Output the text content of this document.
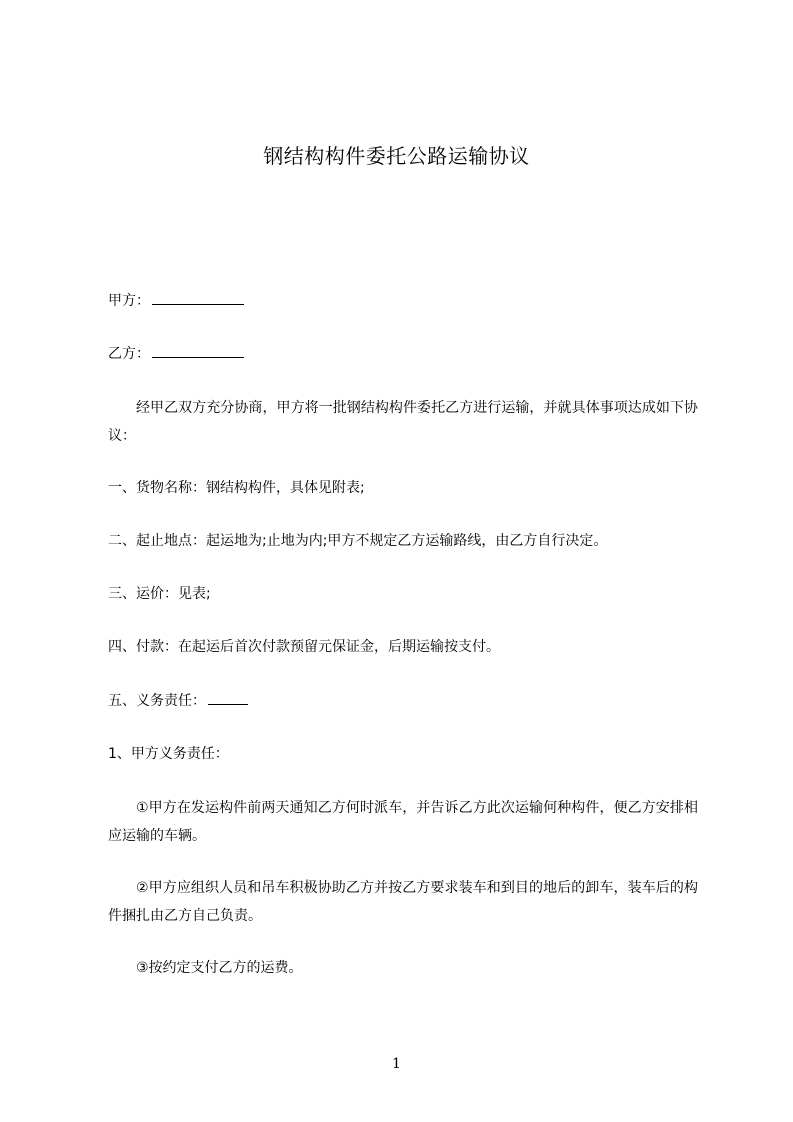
钢结构构件委托公路运输协议

甲方：

乙方：

经甲乙双方充分协商，甲方将一批钢结构构件委托乙方进行运输，并就具体事项达成如下协议：

一、货物名称：钢结构构件，具体见附表;

二、起止地点：起运地为;止地为内;甲方不规定乙方运输路线，由乙方自行决定。

三、运价：见表;

四、付款：在起运后首次付款预留元保证金，后期运输按支付。

五、义务责任：

1、甲方义务责任：

①甲方在发运构件前两天通知乙方何时派车，并告诉乙方此次运输何种构件，便乙方安排相应运输的车辆。

②甲方应组织人员和吊车积极协助乙方并按乙方要求装车和到目的地后的卸车，装车后的构件捆扎由乙方自己负责。

③按约定支付乙方的运费。

1
